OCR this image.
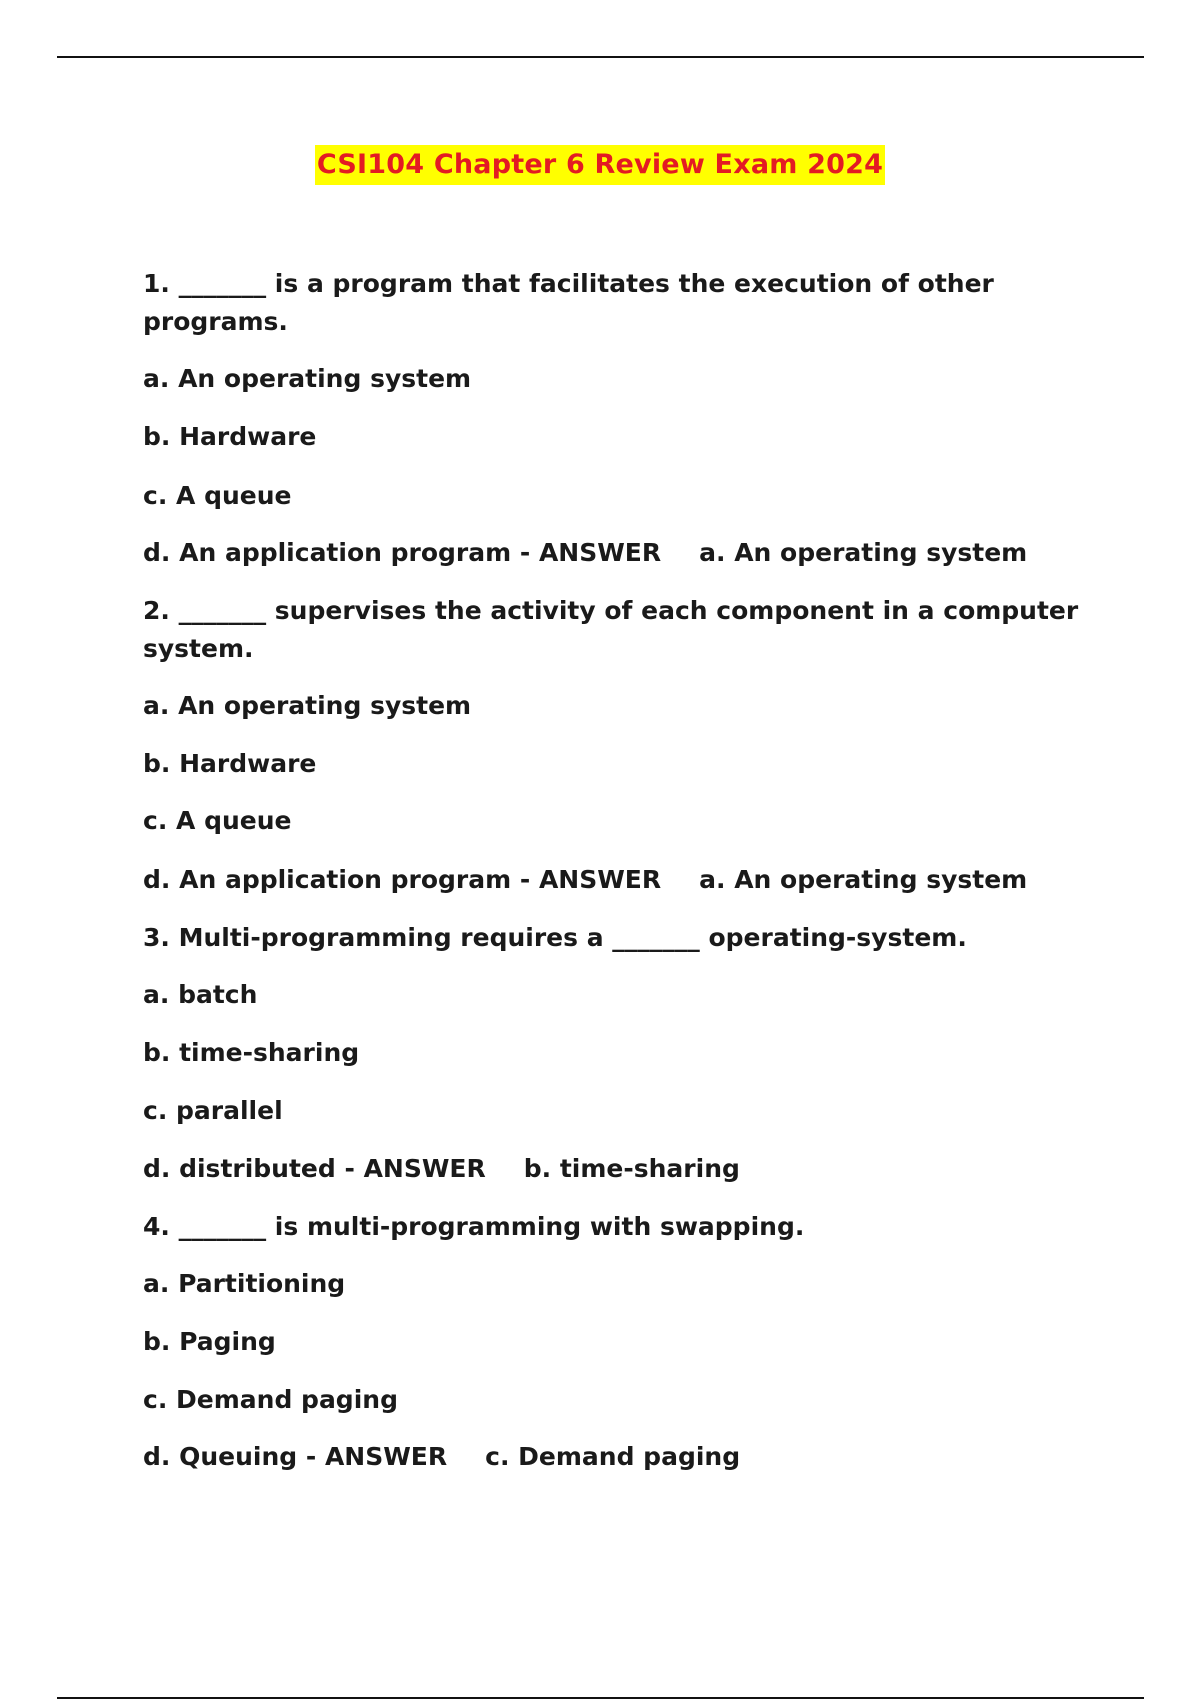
CSI104 Chapter 6 Review Exam 2024
1. _______ is a program that facilitates the execution of other programs.
a. An operating system
b. Hardware
c. A queue
d. An application program - ANSWER a. An operating system
2. _______ supervises the activity of each component in a computer system.
a. An operating system
b. Hardware
c. A queue
d. An application program - ANSWER a. An operating system
3. Multi-programming requires a _______ operating-system.
a. batch
b. time-sharing
c. parallel
d. distributed - ANSWER b. time-sharing
4. _______ is multi-programming with swapping.
a. Partitioning
b. Paging
c. Demand paging
d. Queuing - ANSWER c. Demand paging
